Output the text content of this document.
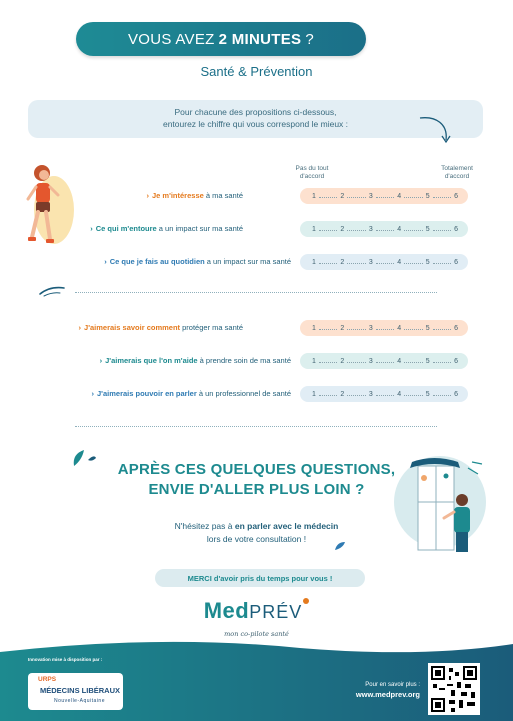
VOUS AVEZ 2 MINUTES ?
Santé & Prévention
Pour chacune des propositions ci-dessous,
entourez le chiffre qui vous correspond le mieux :
Pas du tout
d'accord
Totalement
d'accord
› Je m'intéresse à ma santé	1	2	3	4	5	6
› Ce qui m'entoure a un impact sur ma santé	1	2	3	4	5	6
› Ce que je fais au quotidien a un impact sur ma santé	1	2	3	4	5	6
› J'aimerais savoir comment protéger ma santé	1	2	3	4	5	6
› J'aimerais que l'on m'aide à prendre soin de ma santé	1	2	3	4	5	6
› J'aimerais pouvoir en parler à un professionnel de santé	1	2	3	4	5	6
APRÈS CES QUELQUES QUESTIONS,
ENVIE D'ALLER PLUS LOIN ?
N'hésitez pas à en parler avec le médecin
lors de votre consultation !
MERCI d'avoir pris du temps pour vous !
MedPRÉV
mon co-pilote santé
Innovation mise à disposition par :
URPS
MÉDECINS LIBÉRAUX
Nouvelle-Aquitaine
Pour en savoir plus :
www.medprev.org
